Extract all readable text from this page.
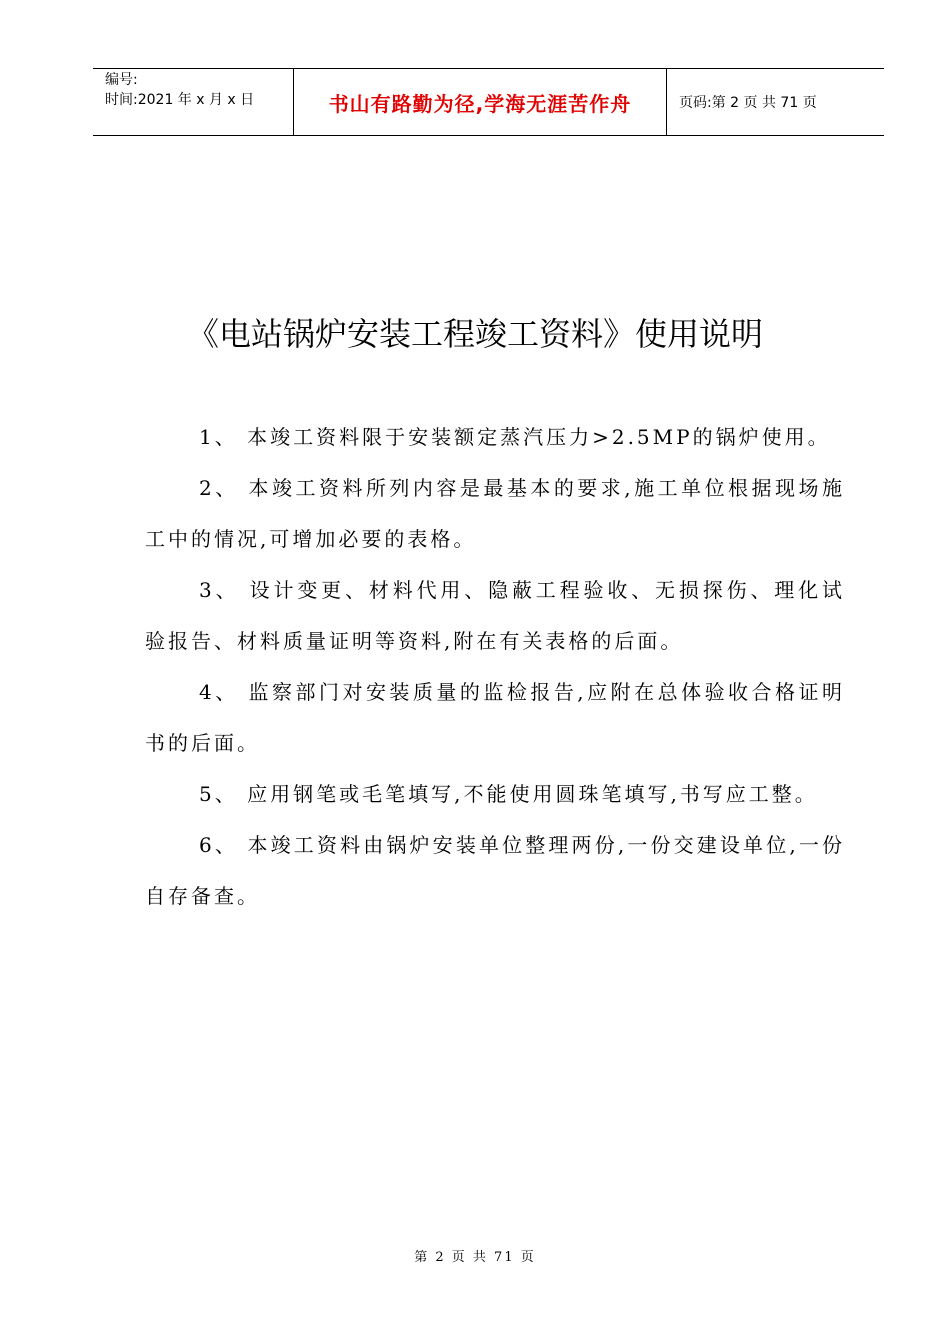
编号:
时间:2021 年 x 月 x 日	书山有路勤为径,学海无涯苦作舟	页码:第 2 页 共 71 页
《电站锅炉安装工程竣工资料》使用说明

1、 本竣工资料限于安装额定蒸汽压力>2.5MP的锅炉使用。

2、 本竣工资料所列内容是最基本的要求,施工单位根据现场施工中的情况,可增加必要的表格。

3、 设计变更、材料代用、隐蔽工程验收、无损探伤、理化试验报告、材料质量证明等资料,附在有关表格的后面。

4、 监察部门对安装质量的监检报告,应附在总体验收合格证明书的后面。

5、 应用钢笔或毛笔填写,不能使用圆珠笔填写,书写应工整。

6、 本竣工资料由锅炉安装单位整理两份,一份交建设单位,一份自存备查。

第 2 页 共 71 页
